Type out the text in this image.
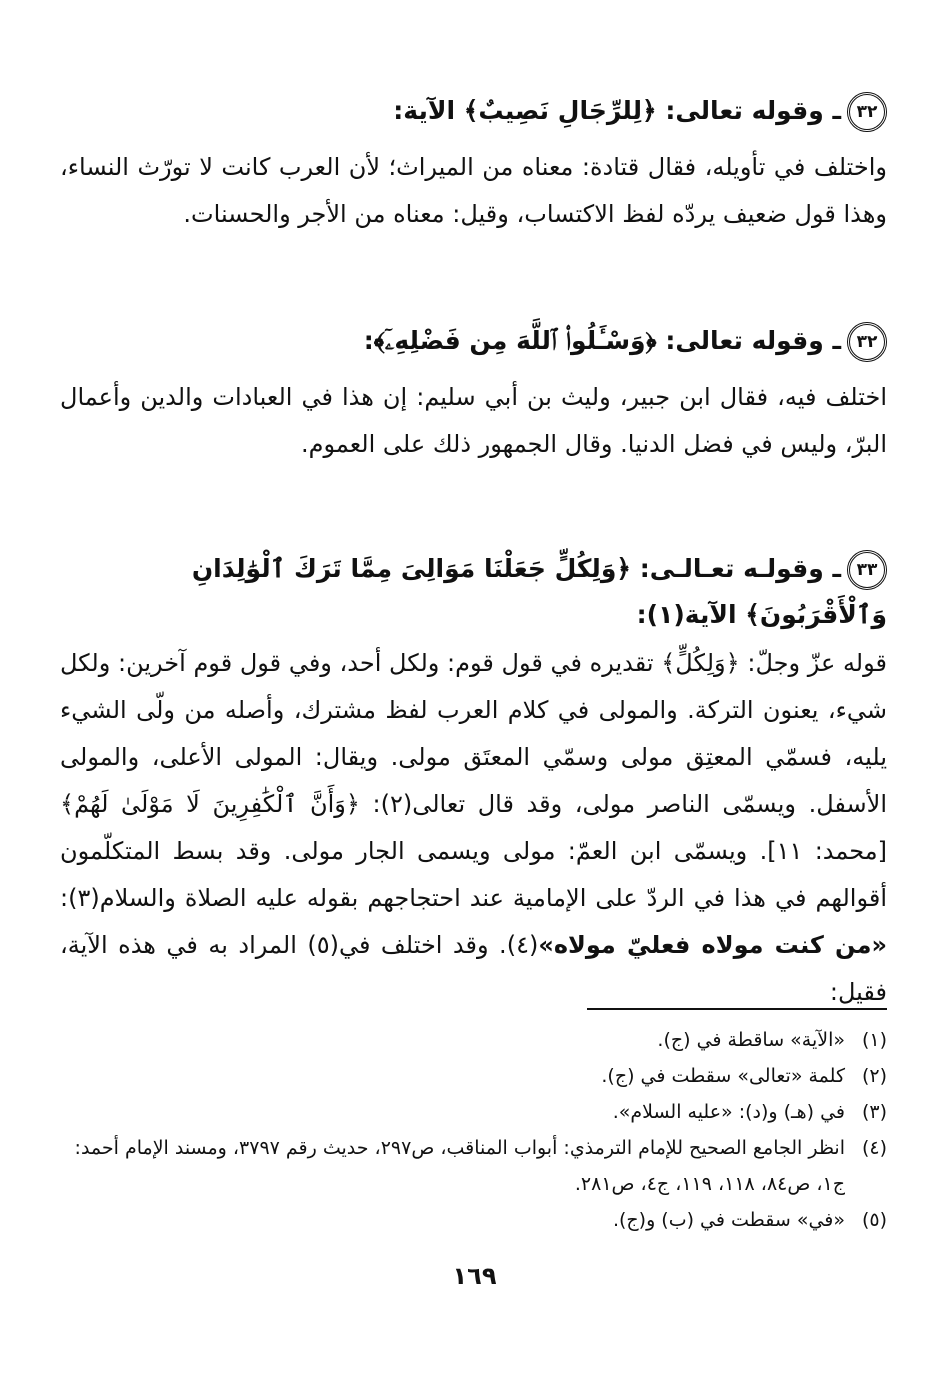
٣٢ـ وقوله تعالى: ﴿لِلرِّجَالِ نَصِيبٌ﴾ الآية:

واختلف في تأويله، فقال قتادة: معناه من الميراث؛ لأن العرب كانت لا تورّث النساء، وهذا قول ضعيف يردّه لفظ الاكتساب، وقيل: معناه من الأجر والحسنات.

٣٢ـ وقوله تعالى: ﴿وَسْـَٔلُوا۟ ٱللَّهَ مِن فَضْلِهِۦٓ﴾:

اختلف فيه، فقال ابن جبير، وليث بن أبي سليم: إن هذا في العبادات والدين وأعمال البرّ، وليس في فضل الدنيا. وقال الجمهور ذلك على العموم.

٣٣ـ وقولـه تعـالـى: ﴿وَلِكُلٍّ جَعَلْنَا مَوَالِىَ مِمَّا تَرَكَ ٱلْوَٰلِدَانِ وَٱلْأَقْرَبُونَ﴾ الآية(١):

قوله عزّ وجلّ: ﴿وَلِكُلٍّ﴾ تقديره في قول قوم: ولكل أحد، وفي قول قوم آخرين: ولكل شيء، يعنون التركة. والمولى في كلام العرب لفظ مشترك، وأصله من ولّى الشيء يليه، فسمّي المعتِق مولى وسمّي المعتَق مولى. ويقال: المولى الأعلى، والمولى الأسفل. ويسمّى الناصر مولى، وقد قال تعالى(٢): ﴿وَأَنَّ ٱلْكَٰفِرِينَ لَا مَوْلَىٰ لَهُمْ﴾ [محمد: ١١]. ويسمّى ابن العمّ: مولى ويسمى الجار مولى. وقد بسط المتكلّمون أقوالهم في هذا في الردّ على الإمامية عند احتجاجهم بقوله عليه الصلاة والسلام(٣): «من كنت مولاه فعليّ مولاه»(٤). وقد اختلف في(٥) المراد به في هذه الآية، فقيل:

(١)
«الآية» ساقطة في (ج).
(٢)
كلمة «تعالى» سقطت في (ج).
(٣)
في (هـ) و(د): «عليه السلام».
(٤)
انظر الجامع الصحيح للإمام الترمذي: أبواب المناقب، ص٢٩٧، حديث رقم ٣٧٩٧، ومسند الإمام أحمد: ج١، ص٨٤، ١١٨، ١١٩، ج٤، ص٢٨١.
(٥)
«في» سقطت في (ب) و(ج).
١٦٩
